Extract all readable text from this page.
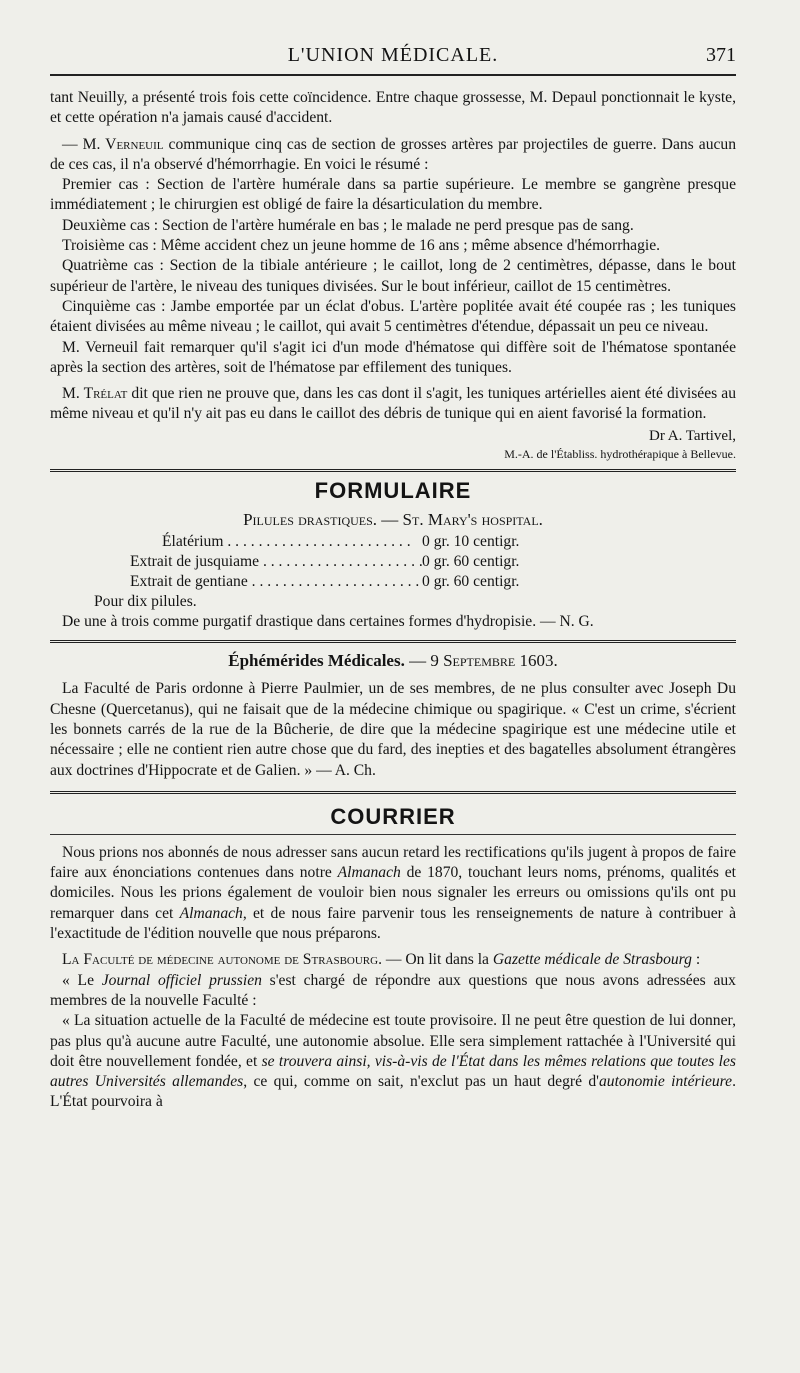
L'UNION MÉDICALE.	371

tant Neuilly, a présenté trois fois cette coïncidence. Entre chaque grossesse, M. Depaul ponctionnait le kyste, et cette opération n'a jamais causé d'accident.

— M. Verneuil communique cinq cas de section de grosses artères par projectiles de guerre. Dans aucun de ces cas, il n'a observé d'hémorrhagie. En voici le résumé :

Premier cas : Section de l'artère humérale dans sa partie supérieure. Le membre se gangrène presque immédiatement ; le chirurgien est obligé de faire la désarticulation du membre.

Deuxième cas : Section de l'artère humérale en bas ; le malade ne perd presque pas de sang.

Troisième cas : Même accident chez un jeune homme de 16 ans ; même absence d'hémorrhagie.

Quatrième cas : Section de la tibiale antérieure ; le caillot, long de 2 centimètres, dépasse, dans le bout supérieur de l'artère, le niveau des tuniques divisées. Sur le bout inférieur, caillot de 15 centimètres.

Cinquième cas : Jambe emportée par un éclat d'obus. L'artère poplitée avait été coupée ras ; les tuniques étaient divisées au même niveau ; le caillot, qui avait 5 centimètres d'étendue, dépassait un peu ce niveau.

M. Verneuil fait remarquer qu'il s'agit ici d'un mode d'hématose qui diffère soit de l'hématose spontanée après la section des artères, soit de l'hématose par effilement des tuniques.

M. Trélat dit que rien ne prouve que, dans les cas dont il s'agit, les tuniques artérielles aient été divisées au même niveau et qu'il n'y ait pas eu dans le caillot des débris de tunique qui en aient favorisé la formation.

Dr A. Tartivel,
M.-A. de l'Établiss. hydrothérapique à Bellevue.
FORMULAIRE
Pilules drastiques. — St. Mary's hospital.
Élatérium . . .	0 gr. 10 centigr.
Extrait de jusquiame . . .	0 gr. 60 centigr.
Extrait de gentiane . . .	0 gr. 60 centigr.

Pour dix pilules.

De une à trois comme purgatif drastique dans certaines formes d'hydropisie. — N. G.

Éphémérides Médicales. — 9 Septembre 1603.

La Faculté de Paris ordonne à Pierre Paulmier, un de ses membres, de ne plus consulter avec Joseph Du Chesne (Quercetanus), qui ne faisait que de la médecine chimique ou spagirique. « C'est un crime, s'écrient les bonnets carrés de la rue de la Bûcherie, de dire que la médecine spagirique est une médecine utile et nécessaire ; elle ne contient rien autre chose que du fard, des inepties et des bagatelles absolument étrangères aux doctrines d'Hippocrate et de Galien. » — A. Ch.

COURRIER

Nous prions nos abonnés de nous adresser sans aucun retard les rectifications qu'ils jugent à propos de faire faire aux énonciations contenues dans notre Almanach de 1870, touchant leurs noms, prénoms, qualités et domiciles. Nous les prions également de vouloir bien nous signaler les erreurs ou omissions qu'ils ont pu remarquer dans cet Almanach, et de nous faire parvenir tous les renseignements de nature à contribuer à l'exactitude de l'édition nouvelle que nous préparons.

La Faculté de médecine autonome de Strasbourg. — On lit dans la Gazette médicale de Strasbourg :

« Le Journal officiel prussien s'est chargé de répondre aux questions que nous avons adressées aux membres de la nouvelle Faculté :

« La situation actuelle de la Faculté de médecine est toute provisoire. Il ne peut être question de lui donner, pas plus qu'à aucune autre Faculté, une autonomie absolue. Elle sera simplement rattachée à l'Université qui doit être nouvellement fondée, et se trouvera ainsi, vis-à-vis de l'État dans les mêmes relations que toutes les autres Universités allemandes, ce qui, comme on sait, n'exclut pas un haut degré d'autonomie intérieure. L'État pourvoira à
